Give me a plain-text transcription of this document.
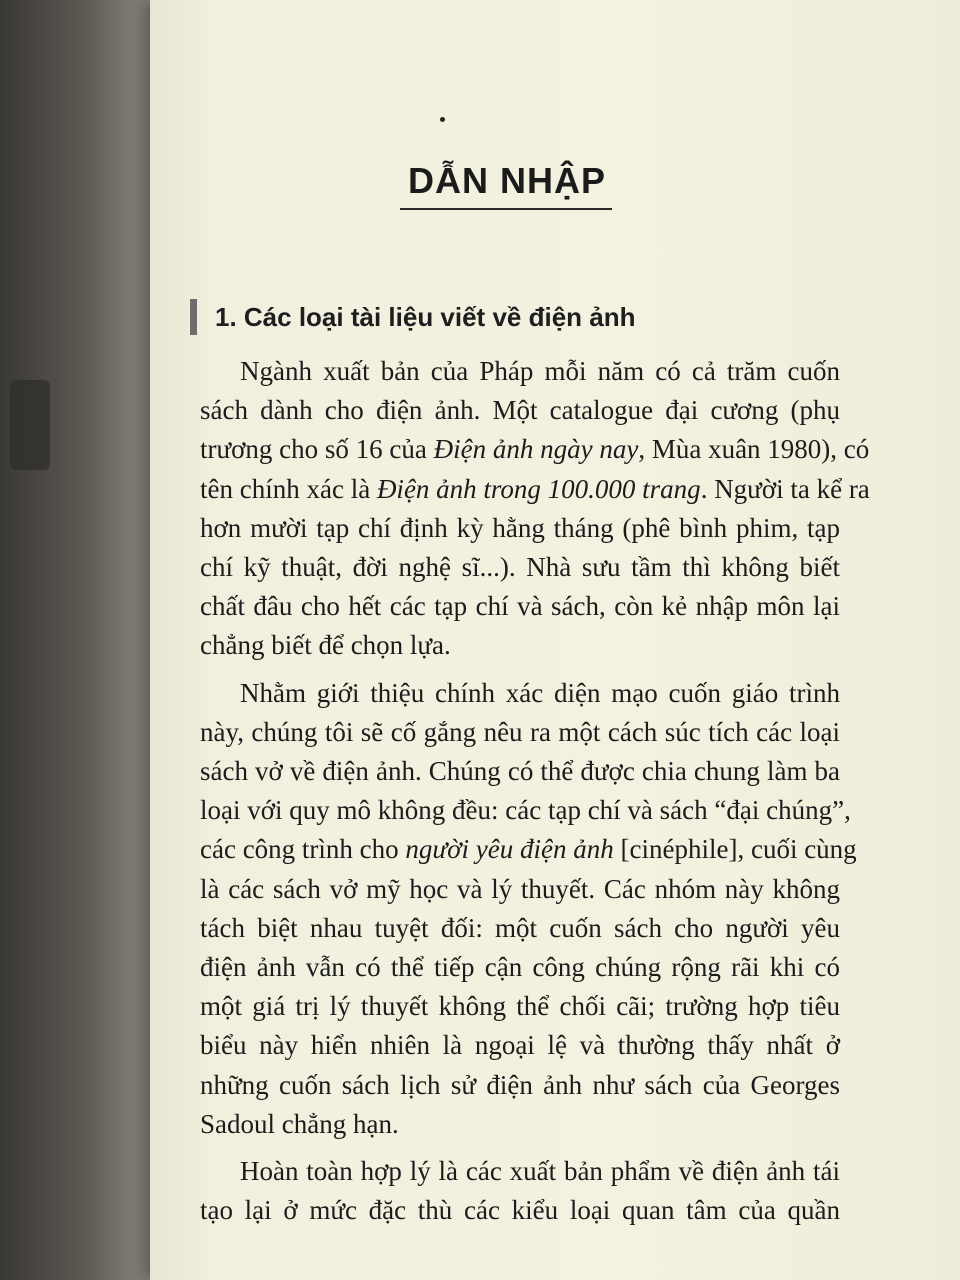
DẪN NHẬP
1. Các loại tài liệu viết về điện ảnh
Ngành xuất bản của Pháp mỗi năm có cả trăm cuốn
sách dành cho điện ảnh. Một catalogue đại cương (phụ
trương cho số 16 của Điện ảnh ngày nay, Mùa xuân 1980), có
tên chính xác là Điện ảnh trong 100.000 trang. Người ta kể ra
hơn mười tạp chí định kỳ hằng tháng (phê bình phim, tạp
chí kỹ thuật, đời nghệ sĩ...). Nhà sưu tầm thì không biết
chất đâu cho hết các tạp chí và sách, còn kẻ nhập môn lại
chẳng biết để chọn lựa.
Nhằm giới thiệu chính xác diện mạo cuốn giáo trình
này, chúng tôi sẽ cố gắng nêu ra một cách súc tích các loại
sách vở về điện ảnh. Chúng có thể được chia chung làm ba
loại với quy mô không đều: các tạp chí và sách “đại chúng”,
các công trình cho người yêu điện ảnh [cinéphile], cuối cùng
là các sách vở mỹ học và lý thuyết. Các nhóm này không
tách biệt nhau tuyệt đối: một cuốn sách cho người yêu
điện ảnh vẫn có thể tiếp cận công chúng rộng rãi khi có
một giá trị lý thuyết không thể chối cãi; trường hợp tiêu
biểu này hiển nhiên là ngoại lệ và thường thấy nhất ở
những cuốn sách lịch sử điện ảnh như sách của Georges
Sadoul chẳng hạn.
Hoàn toàn hợp lý là các xuất bản phẩm về điện ảnh tái
tạo lại ở mức đặc thù các kiểu loại quan tâm của quần
